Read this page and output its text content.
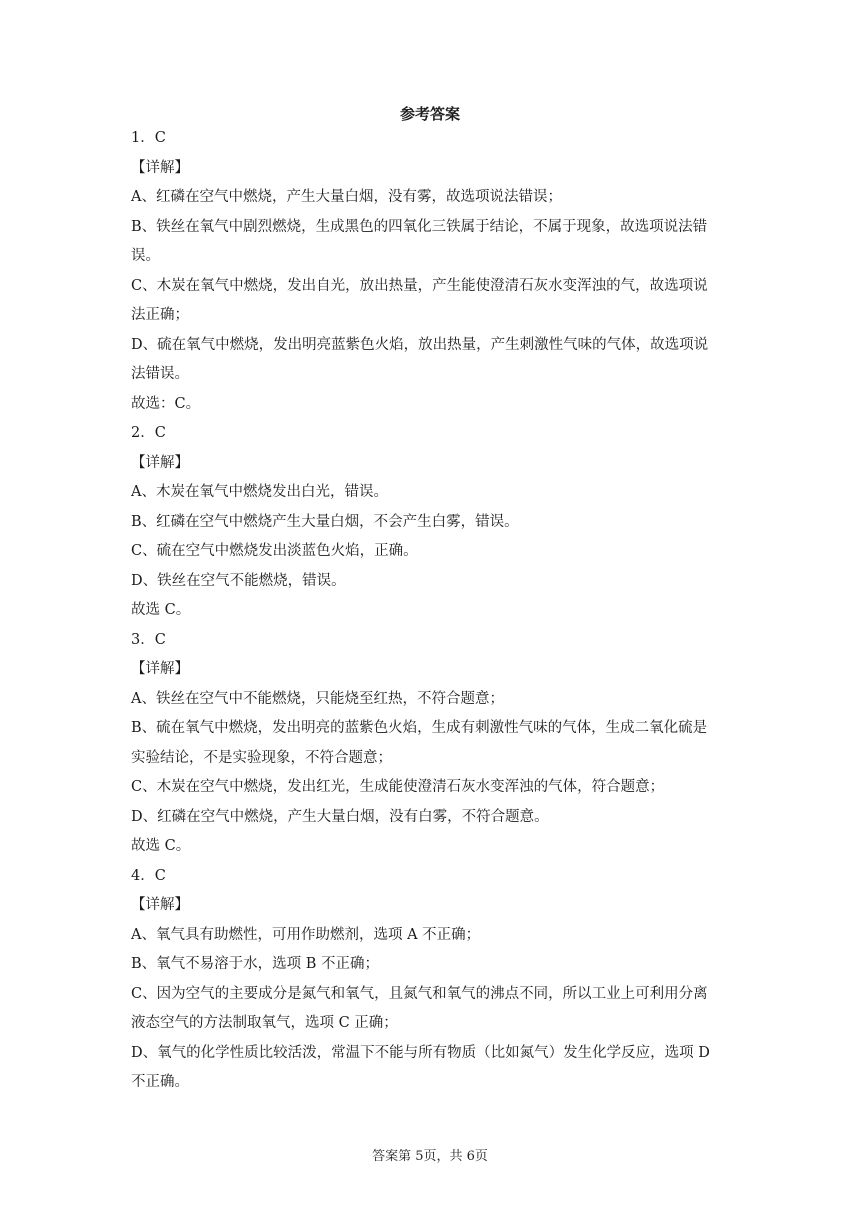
参考答案

1．C

【详解】

A、红磷在空气中燃烧，产生大量白烟，没有雾，故选项说法错误；

B、铁丝在氧气中剧烈燃烧，生成黑色的四氧化三铁属于结论，不属于现象，故选项说法错

误。

C、木炭在氧气中燃烧，发出自光，放出热量，产生能使澄清石灰水变浑浊的气，故选项说

法正确；

D、硫在氧气中燃烧，发出明亮蓝紫色火焰，放出热量，产生刺激性气味的气体，故选项说

法错误。

故选：C。

2．C

【详解】

A、木炭在氧气中燃烧发出白光，错误。

B、红磷在空气中燃烧产生大量白烟，不会产生白雾，错误。

C、硫在空气中燃烧发出淡蓝色火焰，正确。

D、铁丝在空气不能燃烧，错误。

故选 C。

3．C

【详解】

A、铁丝在空气中不能燃烧，只能烧至红热，不符合题意；

B、硫在氧气中燃烧，发出明亮的蓝紫色火焰，生成有刺激性气味的气体，生成二氧化硫是

实验结论，不是实验现象，不符合题意；

C、木炭在空气中燃烧，发出红光，生成能使澄清石灰水变浑浊的气体，符合题意；

D、红磷在空气中燃烧，产生大量白烟，没有白雾，不符合题意。

故选 C。

4．C

【详解】

A、氧气具有助燃性，可用作助燃剂，选项 A 不正确；

B、氧气不易溶于水，选项 B 不正确；

C、因为空气的主要成分是氮气和氧气，且氮气和氧气的沸点不同，所以工业上可利用分离

液态空气的方法制取氧气，选项 C 正确；

D、氧气的化学性质比较活泼，常温下不能与所有物质（比如氮气）发生化学反应，选项 D

不正确。

答案第 5页，共 6页
